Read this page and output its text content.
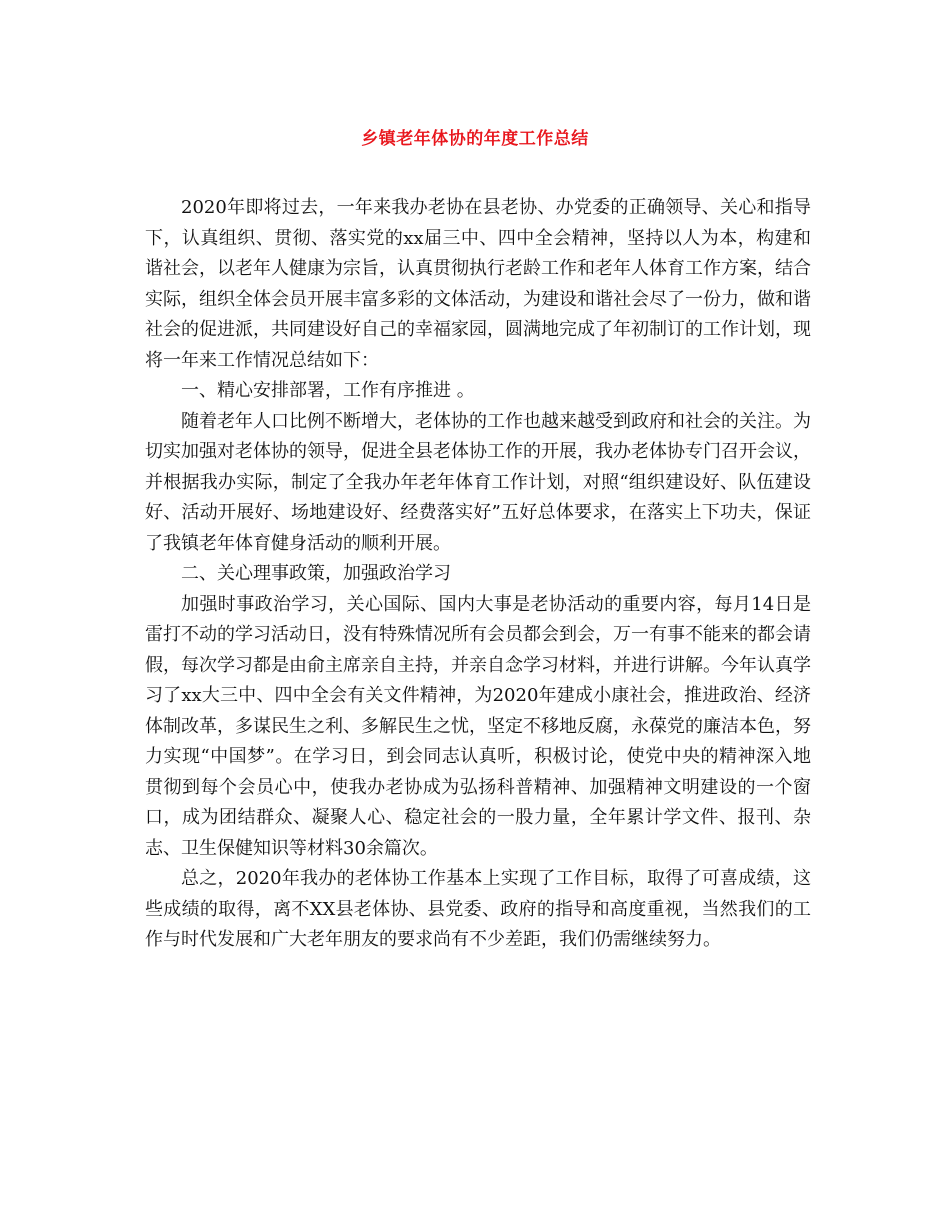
乡镇老年体协的年度工作总结

2020年即将过去，一年来我办老协在县老协、办党委的正确领导、关心和指导下，认真组织、贯彻、落实党的xx届三中、四中全会精神，坚持以人为本，构建和谐社会，以老年人健康为宗旨，认真贯彻执行老龄工作和老年人体育工作方案，结合实际，组织全体会员开展丰富多彩的文体活动，为建设和谐社会尽了一份力，做和谐社会的促进派，共同建设好自己的幸福家园，圆满地完成了年初制订的工作计划，现将一年来工作情况总结如下：

一、精心安排部署，工作有序推进 。

随着老年人口比例不断增大，老体协的工作也越来越受到政府和社会的关注。为切实加强对老体协的领导，促进全县老体协工作的开展，我办老体协专门召开会议，并根据我办实际，制定了全我办年老年体育工作计划，对照“组织建设好、队伍建设好、活动开展好、场地建设好、经费落实好”五好总体要求，在落实上下功夫，保证了我镇老年体育健身活动的顺利开展。

二、关心理事政策，加强政治学习

加强时事政治学习，关心国际、国内大事是老协活动的重要内容，每月14日是雷打不动的学习活动日，没有特殊情况所有会员都会到会，万一有事不能来的都会请假，每次学习都是由俞主席亲自主持，并亲自念学习材料，并进行讲解。今年认真学习了xx大三中、四中全会有关文件精神，为2020年建成小康社会，推进政治、经济体制改革，多谋民生之利、多解民生之忧，坚定不移地反腐，永葆党的廉洁本色，努力实现“中国梦”。在学习日，到会同志认真听，积极讨论，使党中央的精神深入地贯彻到每个会员心中，使我办老协成为弘扬科普精神、加强精神文明建设的一个窗口，成为团结群众、凝聚人心、稳定社会的一股力量，全年累计学文件、报刊、杂志、卫生保健知识等材料30余篇次。

总之，2020年我办的老体协工作基本上实现了工作目标，取得了可喜成绩，这些成绩的取得，离不XX县老体协、县党委、政府的指导和高度重视，当然我们的工作与时代发展和广大老年朋友的要求尚有不少差距，我们仍需继续努力。
